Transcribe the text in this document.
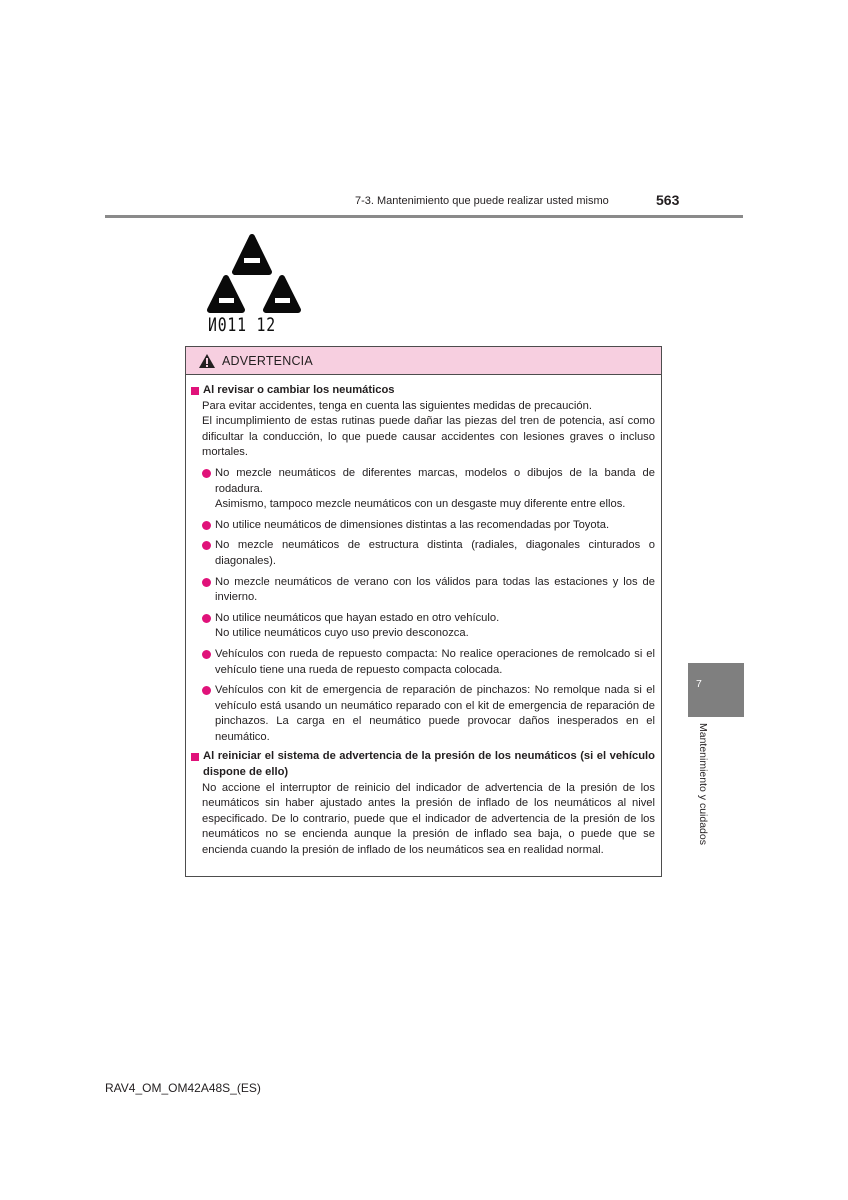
7-3. Mantenimiento que puede realizar usted mismo	563
И011 12
ADVERTENCIA
Al revisar o cambiar los neumáticos
Para evitar accidentes, tenga en cuenta las siguientes medidas de precaución.
El incumplimiento de estas rutinas puede dañar las piezas del tren de potencia, así como dificultar la conducción, lo que puede causar accidentes con lesiones graves o incluso mortales.
No mezcle neumáticos de diferentes marcas, modelos o dibujos de la banda de rodadura.
Asimismo, tampoco mezcle neumáticos con un desgaste muy diferente entre ellos.
No utilice neumáticos de dimensiones distintas a las recomendadas por Toyota.
No mezcle neumáticos de estructura distinta (radiales, diagonales cinturados o diagonales).
No mezcle neumáticos de verano con los válidos para todas las estaciones y los de invierno.
No utilice neumáticos que hayan estado en otro vehículo.
No utilice neumáticos cuyo uso previo desconozca.
Vehículos con rueda de repuesto compacta: No realice operaciones de remolcado si el vehículo tiene una rueda de repuesto compacta colocada.
Vehículos con kit de emergencia de reparación de pinchazos: No remolque nada si el vehículo está usando un neumático reparado con el kit de emergencia de reparación de pinchazos. La carga en el neumático puede provocar daños inesperados en el neumático.
Al reiniciar el sistema de advertencia de la presión de los neumáticos (si el vehículo dispone de ello)
No accione el interruptor de reinicio del indicador de advertencia de la presión de los neumáticos sin haber ajustado antes la presión de inflado de los neumáticos al nivel especificado. De lo contrario, puede que el indicador de advertencia de la presión de los neumáticos no se encienda aunque la presión de inflado sea baja, o puede que se encienda cuando la presión de inflado de los neumáticos sea en realidad normal.
7
Mantenimiento y cuidados
RAV4_OM_OM42A48S_(ES)
